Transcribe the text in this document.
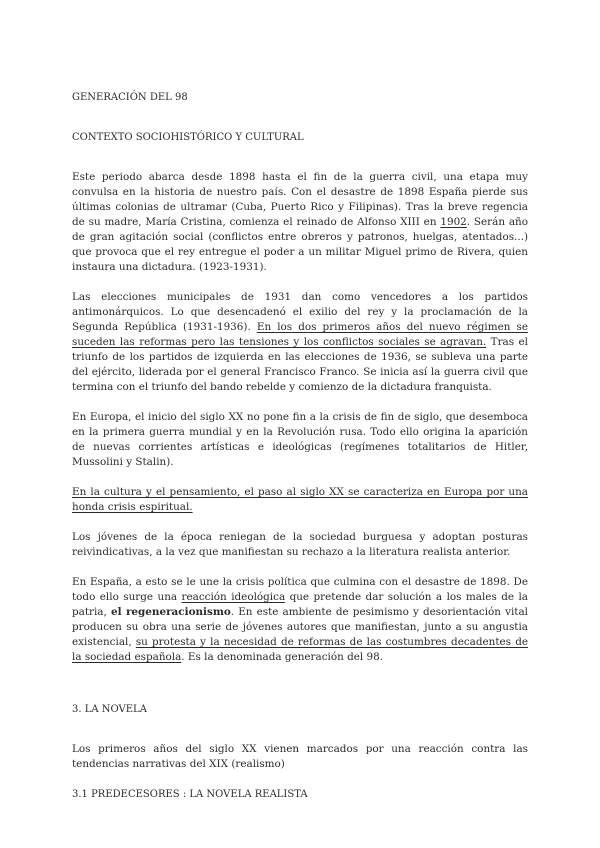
GENERACIÓN DEL 98

CONTEXTO SOCIOHISTÓRICO Y CULTURAL

Este periodo abarca desde 1898 hasta el fin de la guerra civil, una etapa muy convulsa en la historia de nuestro país. Con el desastre de 1898 España pierde sus últimas colonias de ultramar (Cuba, Puerto Rico y Filipinas). Tras la breve regencia de su madre, María Cristina, comienza el reinado de Alfonso XIII en 1902. Serán año de gran agitación social (conflictos entre obreros y patronos, huelgas, atentados...) que provoca que el rey entregue el poder a un militar Miguel primo de Rivera, quien instaura una dictadura. (1923-1931).

Las elecciones municipales de 1931 dan como vencedores a los partidos antimonárquicos. Lo que desencadenó el exilio del rey y la proclamación de la Segunda República (1931-1936). En los dos primeros años del nuevo régimen se suceden las reformas pero las tensiones y los conflictos sociales se agravan. Tras el triunfo de los partidos de izquierda en las elecciones de 1936, se subleva una parte del ejército, liderada por el general Francisco Franco. Se inicia así la guerra civil que termina con el triunfo del bando rebelde y comienzo de la dictadura franquista.

En Europa, el inicio del siglo XX no pone fin a la crisis de fin de siglo, que desemboca en la primera guerra mundial y en la Revolución rusa. Todo ello origina la aparición de nuevas corrientes artísticas e ideológicas (regímenes totalitarios de Hitler, Mussolini y Stalin).

En la cultura y el pensamiento, el paso al siglo XX se caracteriza en Europa por una honda crisis espiritual.

Los jóvenes de la época reniegan de la sociedad burguesa y adoptan posturas reivindicativas, a la vez que manifiestan su rechazo a la literatura realista anterior.

En España, a esto se le une la crisis política que culmina con el desastre de 1898. De todo ello surge una reacción ideológica que pretende dar solución a los males de la patria, el regeneracionismo. En este ambiente de pesimismo y desorientación vital producen su obra una serie de jóvenes autores que manifiestan, junto a su angustia existencial, su protesta y la necesidad de reformas de las costumbres decadentes de la sociedad española. Es la denominada generación del 98.

3. LA NOVELA

Los primeros años del siglo XX vienen marcados por una reacción contra las tendencias narrativas del XIX (realismo)

3.1 PREDECESORES : LA NOVELA REALISTA
